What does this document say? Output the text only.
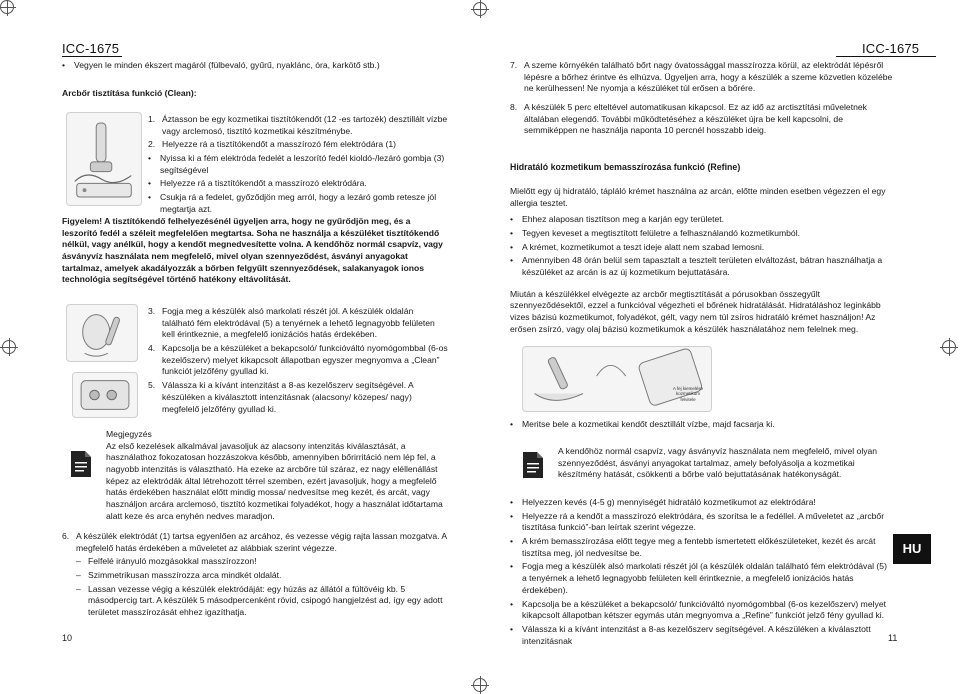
ICC-1675	ICC-1675
• Vegyen le minden ékszert magáról (fülbevaló, gyűrű, nyaklánc, óra, karkötő stb.)
Arcbőr tisztítása funkció (Clean):
1. Áztasson be egy kozmetikai tisztítókendőt (12 -es tartozék) desztillált vízbe vagy arclemosó, tisztító kozmetikai készítménybe.
2. Helyezze rá a tisztítókendőt a masszírozó fém elektródára (1)
• Nyissa ki a fém elektróda fedelét a leszorító fedél kioldó-/lezáró gombja (3) segítségével
• Helyezze rá a tisztítókendőt a masszírozó elektródára.
• Csukja rá a fedelet, győződjön meg arról, hogy a lezáró gomb retesze jól megtartja azt.
Figyelem! A tisztítókendő felhelyezésénél ügyeljen arra, hogy ne gyűrődjön meg, és a leszorító fedél a széleit megfelelően megtartsa. Soha ne használja a készüléket tisztítókendő nélkül, vagy anélkül, hogy a kendőt megnedvesítette volna. A kendőhöz normál csapvíz, vagy ásványvíz használata nem megfelelő, mivel olyan szennyeződést, ásványi anyagokat tartalmaz, amelyek akadályozzák a bőrben felgyűlt szennyeződések, salakanyagok ionos technológia segítségével történő hatékony eltávolítását.
3. Fogja meg a készülék alsó markolati részét jól. A készülék oldalán található fém elektródával (5) a tenyérnek a lehető legnagyobb felületen kell érintkeznie, a megfelelő ionizációs hatás érdekében.
4. Kapcsolja be a készüléket a bekapcsoló/ funkcióváltó nyomógombbal (6-os kezelőszerv) melyet kikapcsolt állapotban egyszer megnyomva a „Clean” funkciót jelzőfény gyullad ki.
5. Válassza ki a kívánt intenzitást a 8-as kezelőszerv segítségével. A készüléken a kiválasztott intenzitásnak (alacsony/ közepes/ nagy) megfelelő jelzőfény gyullad ki.
Megjegyzés
Az első kezelések alkalmával javasoljuk az alacsony intenzitás kiválasztását, a használathoz fokozatosan hozzászokva később, amennyiben bőrirritáció nem lép fel, a nagyobb intenzitás is választható. Ha ezeke az arcbőre túl száraz, ez nagy eléllenállást képez az elektródák által létrehozott térrel szemben, ezért javasoljuk, hogy a megfelelő hatás érdekében használat előtt mindig mossa/ nedvesítse meg kezét, és arcát, vagy használjon arcára arclemosó, tisztító kozmetikai folyadékot, hogy a használat időtartama alatt keze és arca enyhén nedves maradjon.
6. A készülék elektródát (1) tartsa egyenlően az arcához, és vezesse végig rajta lassan mozgatva. A megfelelő hatás érdekében a műveletet az alábbiak szerint végezze.
– Felfelé irányuló mozgásokkal masszírozzon!
– Szimmetrikusan masszírozza arca mindkét oldalát.
– Lassan vezesse végig a készülék elektródáját: egy húzás az állától a fültövéig kb. 5 másodpercig tart. A készülék 5 másodpercenként rövid, csipogó hangjelzést ad, így egy adott területet masszírozását ehhez igazíthatja.
10
7. A szeme környékén található bőrt nagy óvatossággal masszírozza körül, az elektródát lépésről lépésre a bőrhez érintve és elhúzva. Ügyeljen arra, hogy a készülék a szeme közvetlen közelébe ne kerülhessen! Ne nyomja a készüléket túl erősen a bőrére.
8. A készülék 5 perc elteltével automatikusan kikapcsol. Ez az idő az arctisztítási műveletnek általában elegendő. További működtetéséhez a készüléket újra be kell kapcsolni, de semmiképpen ne használja naponta 10 percnél hosszabb ideig.
Hidratáló kozmetikum bemasszírozása funkció (Refine)
Mielőtt egy új hidratáló, tápláló krémet használna az arcán, előtte minden esetben végezzen el egy allergia tesztet.
• Ehhez alaposan tisztítson meg a karján egy területet.
• Tegyen keveset a megtisztított felületre a felhasználandó kozmetikumból.
• A krémet, kozmetikumot a teszt ideje alatt nem szabad lemosni.
• Amennyiben 48 órán belül sem tapasztalt a tesztelt területen elváltozást, bátran használhatja a készüléket az arcán is az új kozmetikum bejuttatására.
Miután a készülékkel elvégezte az arcbőr megtisztítását a pórusokban összegyűlt szennyeződésektől, ezzel a funkcióval végezheti el bőrének hidratálását. Hidratáláshoz leginkább vizes bázisú kozmetikumot, folyadékot, gélt, vagy nem túl zsíros hidratáló krémet használjon! Az erősen zsírzó, vagy olaj bázisú kozmetikumok a készülék használatához nem felelnek meg.
A fej kiemelése
kozmetikum
felvitele
• Meritse bele a kozmetikai kendőt desztillált vízbe, majd facsarja ki.
A kendőhöz normál csapvíz, vagy ásványvíz használata nem megfelelő, mivel olyan szennyeződést, ásványi anyagokat tartalmaz, amely befolyásolja a kozmetikai készítmény hatását, csökkenti a bőrbe való bejuttatásának hatékonyságát.
• Helyezzen kevés (4-5 g) mennyiségét hidratáló kozmetikumot az elektródára!
• Helyezze rá a kendőt a masszírozó elektródára, és szorítsa le a fedéllel. A műveletet az „arcbőr tisztítása funkció”-ban leírtak szerint végezze.
• A krém bemasszírozása előtt tegye meg a fentebb ismertetett előkészületeket, kezét és arcát tisztítsa meg, jól nedvesítse be.
• Fogja meg a készülék alsó markolati részét jól (a készülék oldalán található fém elektródával (5) a tenyérnek a lehető legnagyobb felületen kell érintkeznie, a megfelelő ionizációs hatás érdekében).
• Kapcsolja be a készüléket a bekapcsoló/ funkcióváltó nyomógombbal (6-os kezelőszerv) melyet kikapcsolt állapotban kétszer egymás után megnyomva a „Refine” funkciót jelző fény gyullad ki.
• Válassza ki a kívánt intenzitást a 8-as kezelőszerv segítségével. A készüléken a kiválasztott intenzitásnak
HU
11
